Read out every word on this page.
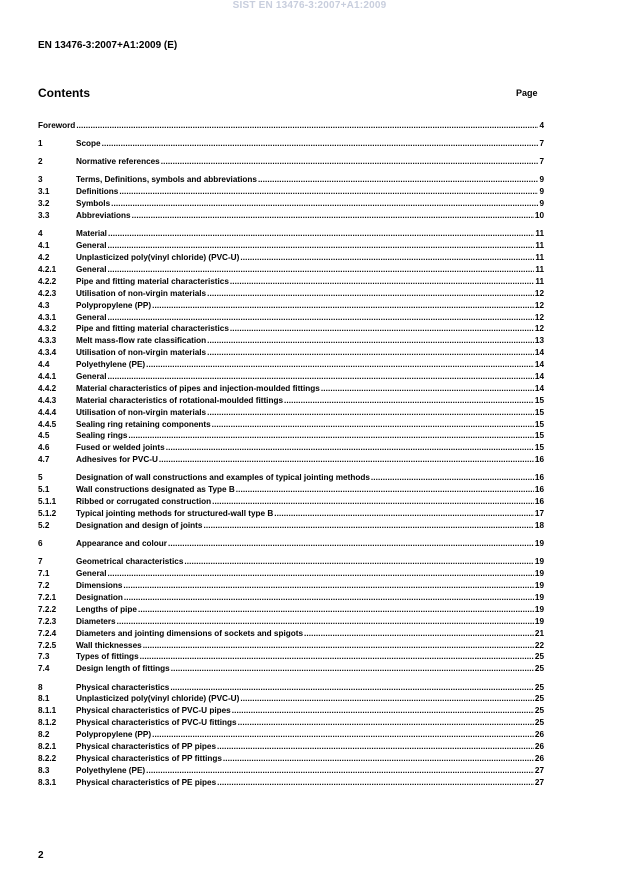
SIST EN 13476-3:2007+A1:2009
EN 13476-3:2007+A1:2009 (E)
Contents	Page
Foreword .....	4
1	Scope .....	7
2	Normative references .....	7
3	Terms, Definitions, symbols and abbreviations .....	9
3.1	Definitions .....	9
3.2	Symbols .....	9
3.3	Abbreviations .....	10
4	Material .....	11
4.1	General .....	11
4.2	Unplasticized poly(vinyl chloride) (PVC-U) .....	11
4.2.1	General .....	11
4.2.2	Pipe and fitting material characteristics .....	11
4.2.3	Utilisation of non-virgin materials .....	12
4.3	Polypropylene (PP) .....	12
4.3.1	General .....	12
4.3.2	Pipe and fitting material characteristics .....	12
4.3.3	Melt mass-flow rate classification .....	13
4.3.4	Utilisation of non-virgin materials .....	14
4.4	Polyethylene (PE) .....	14
4.4.1	General .....	14
4.4.2	Material characteristics of pipes and injection-moulded fittings .....	14
4.4.3	Material characteristics of rotational-moulded fittings .....	15
4.4.4	Utilisation of non-virgin materials .....	15
4.4.5	Sealing ring retaining components .....	15
4.5	Sealing rings .....	15
4.6	Fused or welded joints .....	15
4.7	Adhesives for PVC-U .....	16
5	Designation of wall constructions and examples of typical jointing methods .....	16
5.1	Wall constructions designated as Type B .....	16
5.1.1	Ribbed or corrugated construction .....	16
5.1.2	Typical jointing methods for structured-wall type B .....	17
5.2	Designation and design of joints .....	18
6	Appearance and colour .....	19
7	Geometrical characteristics .....	19
7.1	General .....	19
7.2	Dimensions .....	19
7.2.1	Designation .....	19
7.2.2	Lengths of pipe .....	19
7.2.3	Diameters .....	19
7.2.4	Diameters and jointing dimensions of sockets and spigots .....	21
7.2.5	Wall thicknesses .....	22
7.3	Types of fittings .....	25
7.4	Design length of fittings .....	25
8	Physical characteristics .....	25
8.1	Unplasticized poly(vinyl chloride) (PVC-U) .....	25
8.1.1	Physical characteristics of PVC-U pipes .....	25
8.1.2	Physical characteristics of PVC-U fittings .....	25
8.2	Polypropylene (PP) .....	26
8.2.1	Physical characteristics of PP pipes .....	26
8.2.2	Physical characteristics of PP fittings .....	26
8.3	Polyethylene (PE) .....	27
8.3.1	Physical characteristics of PE pipes .....	27
2
